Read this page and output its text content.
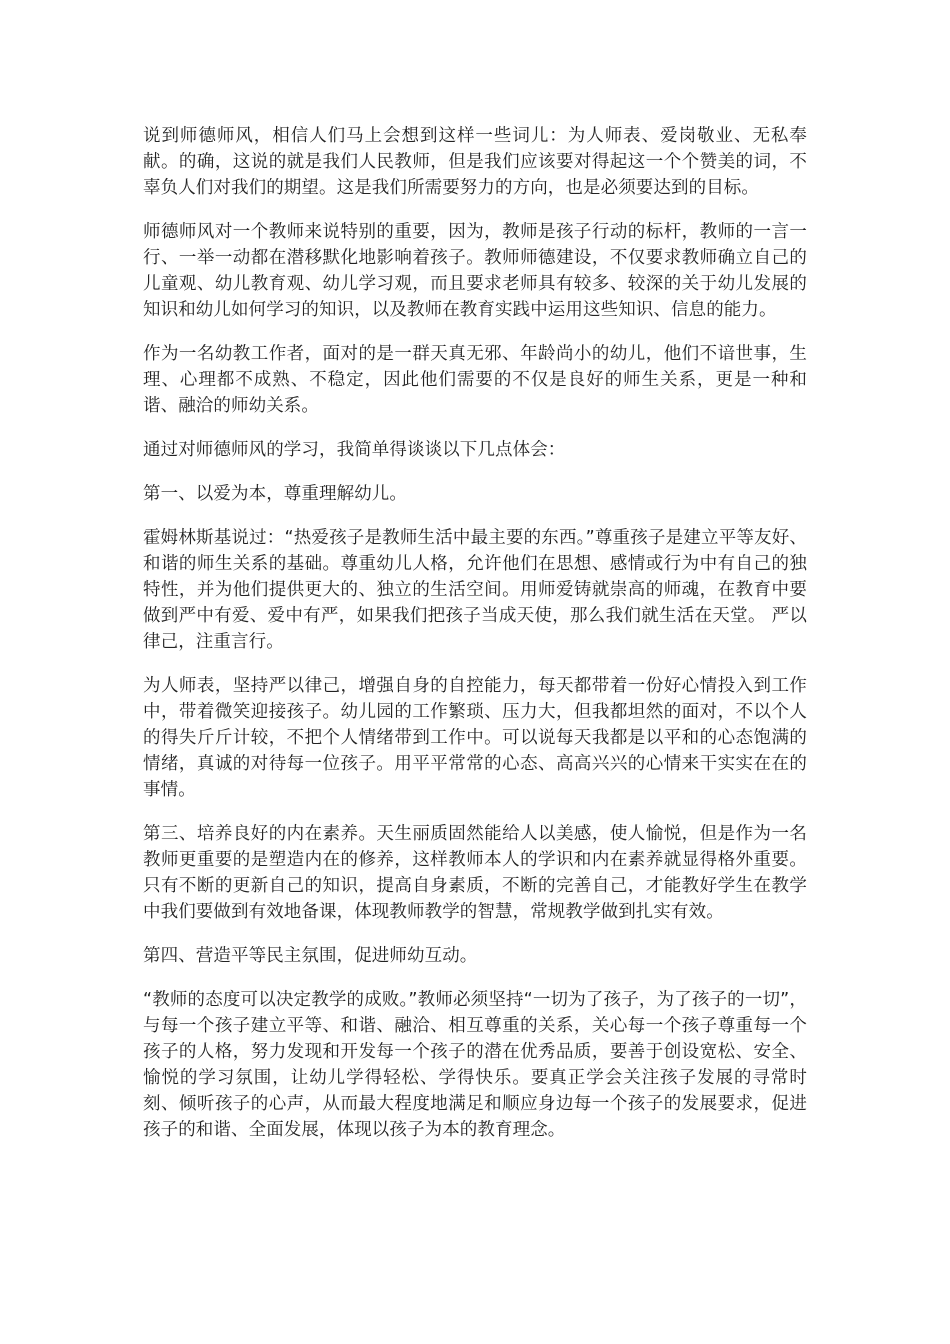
说到师德师风，相信人们马上会想到这样一些词儿：为人师表、爱岗敬业、无私奉献。的确，这说的就是我们人民教师，但是我们应该要对得起这一个个赞美的词，不辜负人们对我们的期望。这是我们所需要努力的方向，也是必须要达到的目标。

师德师风对一个教师来说特别的重要，因为，教师是孩子行动的标杆，教师的一言一行、一举一动都在潜移默化地影响着孩子。教师师德建设，不仅要求教师确立自己的儿童观、幼儿教育观、幼儿学习观，而且要求老师具有较多、较深的关于幼儿发展的知识和幼儿如何学习的知识，以及教师在教育实践中运用这些知识、信息的能力。

作为一名幼教工作者，面对的是一群天真无邪、年龄尚小的幼儿，他们不谙世事，生理、心理都不成熟、不稳定，因此他们需要的不仅是良好的师生关系，更是一种和谐、融洽的师幼关系。

通过对师德师风的学习，我简单得谈谈以下几点体会：

第一、以爱为本，尊重理解幼儿。

霍姆林斯基说过：“热爱孩子是教师生活中最主要的东西。”尊重孩子是建立平等友好、和谐的师生关系的基础。尊重幼儿人格，允许他们在思想、感情或行为中有自己的独特性，并为他们提供更大的、独立的生活空间。用师爱铸就崇高的师魂，在教育中要做到严中有爱、爱中有严，如果我们把孩子当成天使，那么我们就生活在天堂。 严以律己，注重言行。

为人师表，坚持严以律己，增强自身的自控能力，每天都带着一份好心情投入到工作中，带着微笑迎接孩子。幼儿园的工作繁琐、压力大，但我都坦然的面对，不以个人的得失斤斤计较，不把个人情绪带到工作中。可以说每天我都是以平和的心态饱满的情绪，真诚的对待每一位孩子。用平平常常的心态、高高兴兴的心情来干实实在在的事情。

第三、培养良好的内在素养。天生丽质固然能给人以美感，使人愉悦，但是作为一名教师更重要的是塑造内在的修养，这样教师本人的学识和内在素养就显得格外重要。只有不断的更新自己的知识，提高自身素质，不断的完善自己，才能教好学生在教学中我们要做到有效地备课，体现教师教学的智慧，常规教学做到扎实有效。

第四、营造平等民主氛围，促进师幼互动。

“教师的态度可以决定教学的成败。”教师必须坚持“一切为了孩子，为了孩子的一切”，与每一个孩子建立平等、和谐、融洽、相互尊重的关系，关心每一个孩子尊重每一个孩子的人格，努力发现和开发每一个孩子的潜在优秀品质，要善于创设宽松、安全、愉悦的学习氛围，让幼儿学得轻松、学得快乐。要真正学会关注孩子发展的寻常时刻、倾听孩子的心声，从而最大程度地满足和顺应身边每一个孩子的发展要求，促进孩子的和谐、全面发展，体现以孩子为本的教育理念。
